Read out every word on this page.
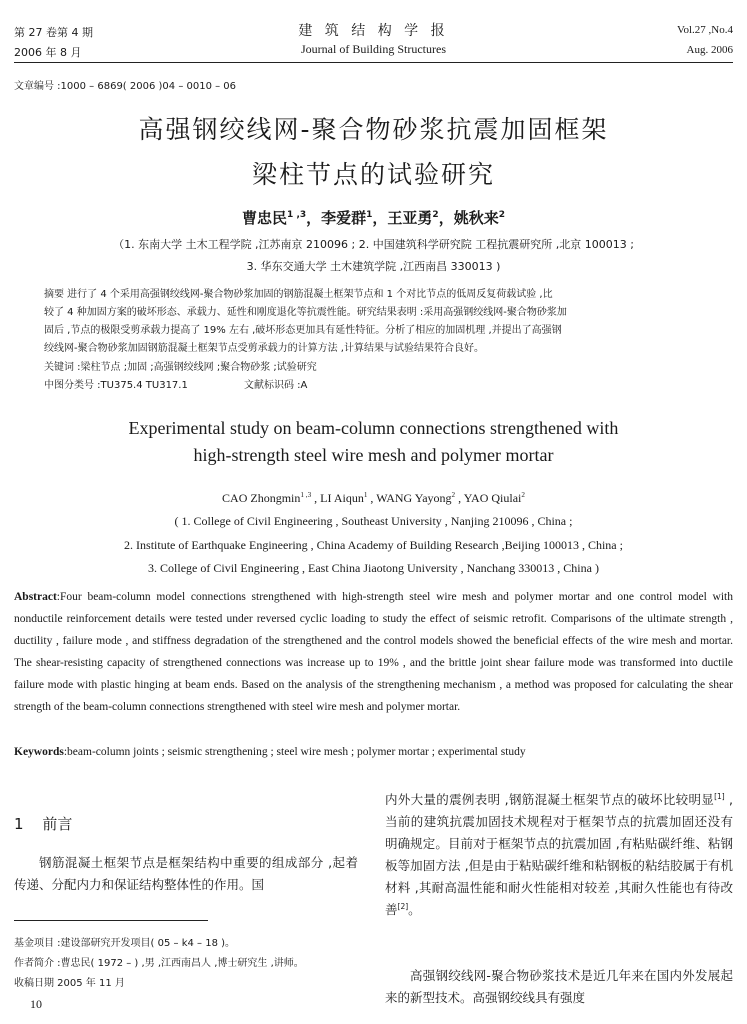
第 27 卷第 4 期
2006 年 8 月
建 筑 结 构 学 报
Journal of Building Structures
Vol.27 ,No.4
Aug. 2006
文章编号 :1000 – 6869( 2006 )04 – 0010 – 06
高强钢绞线网-聚合物砂浆抗震加固框架
梁柱节点的试验研究
曹忠民$^{1 ,3}$，李爱群$^1$，王亚勇$^2$，姚秋来$^2$
（1. 东南大学 土木工程学院 ,江苏南京 210096 ; 2. 中国建筑科学研究院 工程抗震研究所 ,北京 100013 ;
3. 华东交通大学 土木建筑学院 ,江西南昌 330013 )
摘要 进行了 4 个采用高强钢绞线网-聚合物砂浆加固的钢筋混凝土框架节点和 1 个对比节点的低周反复荷载试验 ,比
较了 4 种加固方案的破坏形态、承载力、延性和刚度退化等抗震性能。研究结果表明 :采用高强钢绞线网-聚合物砂浆加
固后 ,节点的极限受剪承载力提高了 19% 左右 ,破坏形态更加具有延性特征。分析了相应的加固机理 ,并提出了高强钢
绞线网-聚合物砂浆加固钢筋混凝土框架节点受剪承载力的计算方法 ,计算结果与试验结果符合良好。
关键词 :梁柱节点 ;加固 ;高强钢绞线网 ;聚合物砂浆 ;试验研究
中图分类号 :TU375.4 TU317.1	文献标识码 :A
Experimental study on beam-column connections strengthened with
high-strength steel wire mesh and polymer mortar
CAO Zhongmin$^{1 ,3}$ , LI Aiqun$^1$ , WANG Yayong$^2$ , YAO Qiulai$^2$
( 1. College of Civil Engineering , Southeast University , Nanjing 210096 , China ;
2. Institute of Earthquake Engineering , China Academy of Building Research ,Beijing 100013 , China ;
3. College of Civil Engineering , East China Jiaotong University , Nanchang 330013 , China )
Abstract:Four beam-column model connections strengthened with high-strength steel wire mesh and polymer mortar and one control model with nonductile reinforcement details were tested under reversed cyclic loading to study the effect of seismic retrofit. Comparisons of the ultimate strength , ductility , failure mode , and stiffness degradation of the strengthened and the control models showed the beneficial effects of the wire mesh and mortar. The shear-resisting capacity of strengthened connections was increase up to 19% , and the brittle joint shear failure mode was transformed into ductile failure mode with plastic hinging at beam ends. Based on the analysis of the strengthening mechanism , a method was proposed for calculating the shear strength of the beam-column connections strengthened with steel wire mesh and polymer mortar.
Keywords:beam-column joints ; seismic strengthening ; steel wire mesh ; polymer mortar ; experimental study
1 前言
钢筋混凝土框架节点是框架结构中重要的组成部分 ,起着传递、分配内力和保证结构整体性的作用。国
基金项目 :建设部研究开发项目( 05 – k4 – 18 )。
作者简介 :曹忠民( 1972 – ) ,男 ,江西南昌人 ,博士研究生 ,讲师。
收稿日期 2005 年 11 月
内外大量的震例表明 ,钢筋混凝土框架节点的破坏比较明显[1] ,当前的建筑抗震加固技术规程对于框架节点的抗震加固还没有明确规定。目前对于框架节点的抗震加固 ,有粘贴碳纤维、粘钢板等加固方法 ,但是由于粘贴碳纤维和粘钢板的粘结胶属于有机材料 ,其耐高温性能和耐火性能相对较差 ,其耐久性能也有待改善[2]。
高强钢绞线网-聚合物砂浆技术是近几年来在国内外发展起来的新型技术。高强钢绞线具有强度
10
